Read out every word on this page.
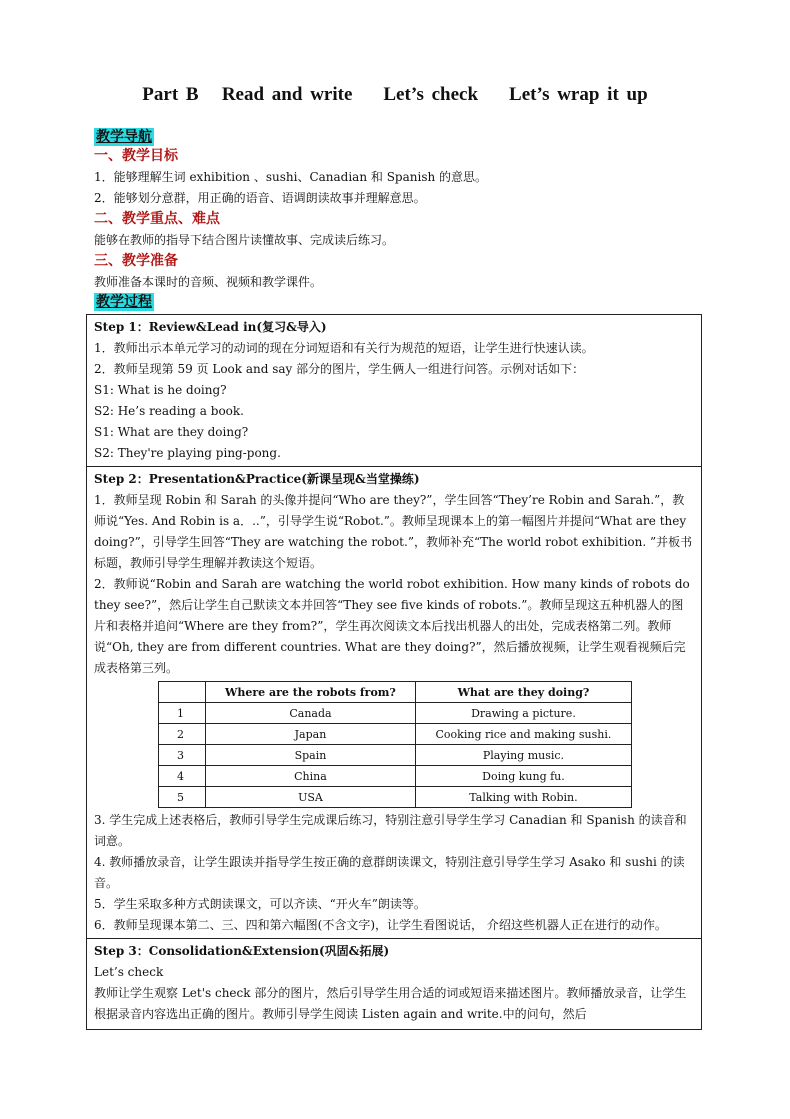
Part B   Read and write    Let’s check    Let’s wrap it up
教学导航
一、教学目标
1．能够理解生词 exhibition 、sushi、Canadian 和 Spanish 的意思。
2．能够划分意群，用正确的语音、语调朗读故事并理解意思。
二、教学重点、难点
能够在教师的指导下结合图片读懂故事、完成读后练习。
三、教学准备
教师准备本课时的音频、视频和教学课件。
教学过程
Step 1：Review&Lead in(复习&导入)
1．教师出示本单元学习的动词的现在分词短语和有关行为规范的短语，让学生进行快速认读。
2．教师呈现第 59 页 Look and say 部分的图片，学生俩人一组进行问答。示例对话如下：
S1: What is he doing?
S2: He’s reading a book.
S1: What are they doing?
S2: They're playing ping-pong.
Step 2：Presentation&Practice(新课呈现&当堂操练)
1．教师呈现 Robin 和 Sarah 的头像并提问“Who are they?”，学生回答“They’re Robin and Sarah.”，教师说“Yes. And Robin is a．..”，引导学生说“Robot.”。教师呈现课本上的第一幅图片并提问“What are they doing?”，引导学生回答“They are watching the robot.”，教师补充“The world robot exhibition. ”并板书标题，教师引导学生理解并教读这个短语。
2．教师说“Robin and Sarah are watching the world robot exhibition. How many kinds of robots do they see?”，然后让学生自己默读文本并回答“They see five kinds of robots.”。教师呈现这五种机器人的图片和表格并追问“Where are they from?”，学生再次阅读文本后找出机器人的出处，完成表格第二列。教师说“Oh, they are from different countries. What are they doing?”，然后播放视频，让学生观看视频后完成表格第三列。
	Where are the robots from?	What are they doing?
1	Canada	Drawing a picture.
2	Japan	Cooking rice and making sushi.
3	Spain	Playing music.
4	China	Doing kung fu.
5	USA	Talking with Robin.
3. 学生完成上述表格后，教师引导学生完成课后练习，特别注意引导学生学习 Canadian 和 Spanish 的读音和词意。
4. 教师播放录音，让学生跟读并指导学生按正确的意群朗读课文，特别注意引导学生学习 Asako 和 sushi 的读音。
5．学生采取多种方式朗读课文，可以齐读、“开火车”朗读等。
6．教师呈现课本第二、三、四和第六幅图(不含文字)，让学生看图说话， 介绍这些机器人正在进行的动作。
Step 3：Consolidation&Extension(巩固&拓展)
Let’s check
教师让学生观察 Let's check 部分的图片，然后引导学生用合适的词或短语来描述图片。教师播放录音，让学生根据录音内容选出正确的图片。教师引导学生阅读 Listen again and write.中的问句，然后
